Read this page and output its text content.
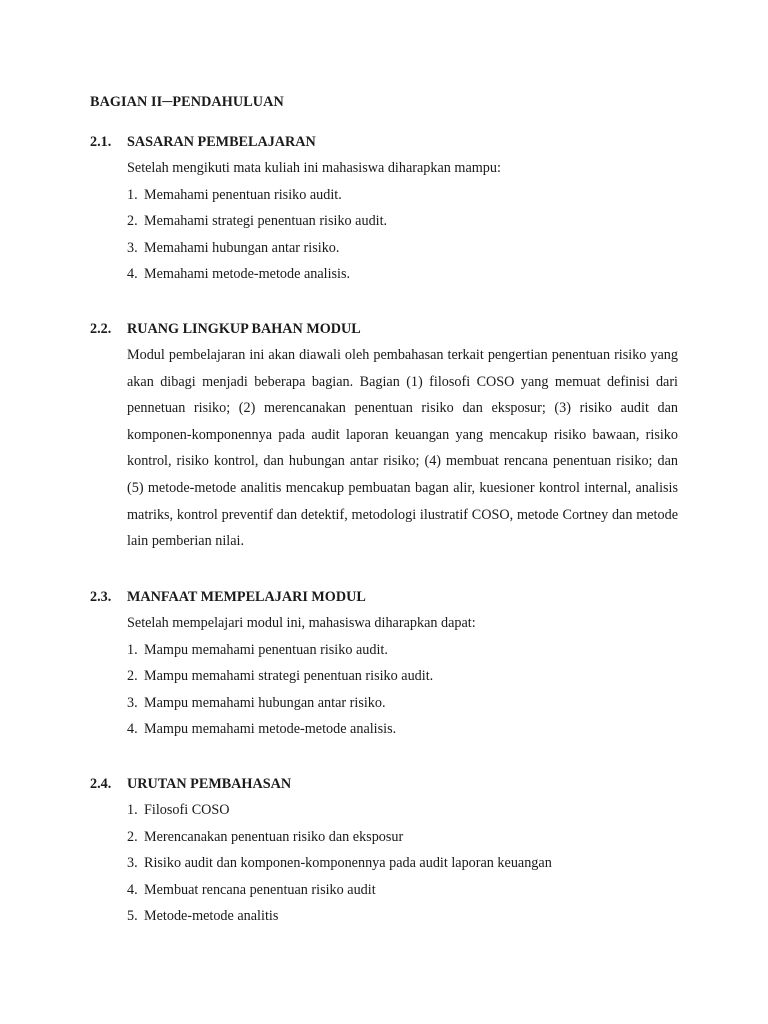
BAGIAN II─PENDAHULUAN
2.1. SASARAN PEMBELAJARAN
Setelah mengikuti mata kuliah ini mahasiswa diharapkan mampu:
1. Memahami penentuan risiko audit.
2. Memahami strategi penentuan risiko audit.
3. Memahami hubungan antar risiko.
4. Memahami metode-metode analisis.
2.2. RUANG LINGKUP BAHAN MODUL

Modul pembelajaran ini akan diawali oleh pembahasan terkait pengertian penentuan risiko yang akan dibagi menjadi beberapa bagian. Bagian (1) filosofi COSO yang memuat definisi dari pennetuan risiko; (2) merencanakan penentuan risiko dan eksposur; (3) risiko audit dan komponen-komponennya pada audit laporan keuangan yang mencakup risiko bawaan, risiko kontrol, risiko kontrol, dan hubungan antar risiko; (4) membuat rencana penentuan risiko; dan (5) metode-metode analitis mencakup pembuatan bagan alir, kuesioner kontrol internal, analisis matriks, kontrol preventif dan detektif, metodologi ilustratif COSO, metode Cortney dan metode lain pemberian nilai.

2.3. MANFAAT MEMPELAJARI MODUL
Setelah mempelajari modul ini, mahasiswa diharapkan dapat:
1. Mampu memahami penentuan risiko audit.
2. Mampu memahami strategi penentuan risiko audit.
3. Mampu memahami hubungan antar risiko.
4. Mampu memahami metode-metode analisis.
2.4. URUTAN PEMBAHASAN
1. Filosofi COSO
2. Merencanakan penentuan risiko dan eksposur
3. Risiko audit dan komponen-komponennya pada audit laporan keuangan
4. Membuat rencana penentuan risiko audit
5. Metode-metode analitis
